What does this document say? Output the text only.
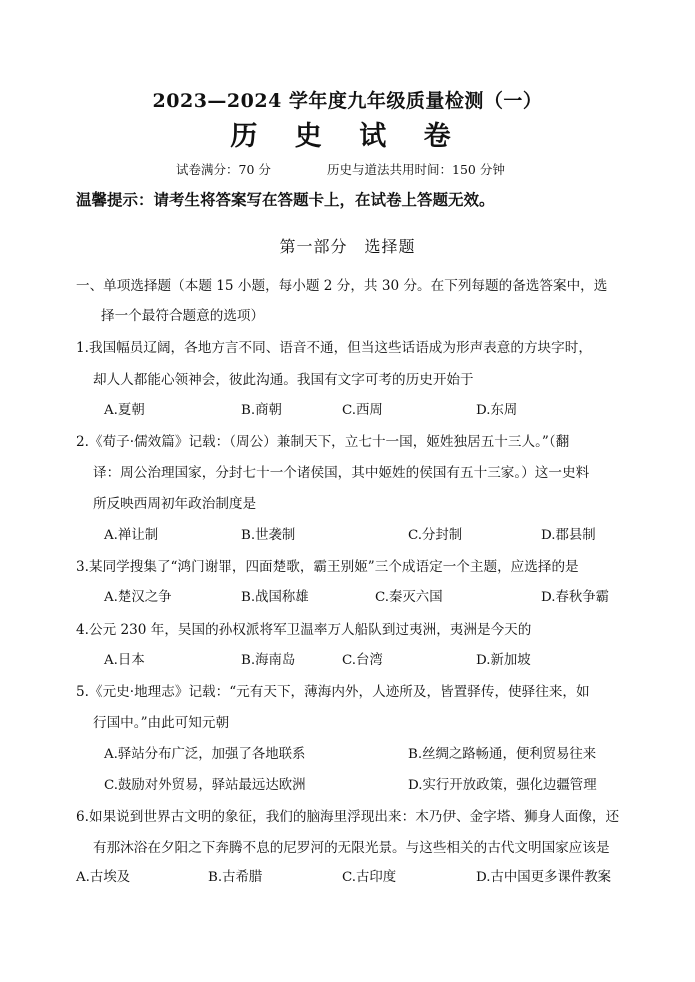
2023—2024 学年度九年级质量检测（一）
历 史 试 卷
试卷满分：70 分	历史与道法共用时间：150 分钟
温馨提示：请考生将答案写在答题卡上，在试卷上答题无效。
第一部分　选择题
一、单项选择题（本题 15 小题，每小题 2 分，共 30 分。在下列每题的备选答案中，选
择一个最符合题意的选项）
1.我国幅员辽阔，各地方言不同、语音不通，但当这些话语成为形声表意的方块字时，
却人人都能心领神会，彼此沟通。我国有文字可考的历史开始于
A.夏朝	B.商朝	C.西周	D.东周
2.《荀子·儒效篇》记载：（周公）兼制天下，立七十一国，姬姓独居五十三人。”（翻
译：周公治理国家，分封七十一个诸侯国，其中姬姓的侯国有五十三家。）这一史料
所反映西周初年政治制度是
A.禅让制	B.世袭制	C.分封制	D.郡县制
3.某同学搜集了“鸿门谢罪，四面楚歌，霸王别姬”三个成语定一个主题，应选择的是
A.楚汉之争	B.战国称雄	C.秦灭六国	D.春秋争霸
4.公元 230 年，吴国的孙权派将军卫温率万人船队到过夷洲，夷洲是今天的
A.日本	B.海南岛	C.台湾	D.新加坡
5.《元史·地理志》记载：“元有天下，薄海内外，人迹所及，皆置驿传，使驿往来，如
行国中。”由此可知元朝
A.驿站分布广泛，加强了各地联系	B.丝绸之路畅通，便利贸易往来
C.鼓励对外贸易，驿站最远达欧洲	D.实行开放政策，强化边疆管理
6.如果说到世界古文明的象征，我们的脑海里浮现出来：木乃伊、金字塔、狮身人面像，还
有那沐浴在夕阳之下奔腾不息的尼罗河的无限光景。与这些相关的古代文明国家应该是
A.古埃及	B.古希腊	C.古印度	D.古中国更多课件教案
